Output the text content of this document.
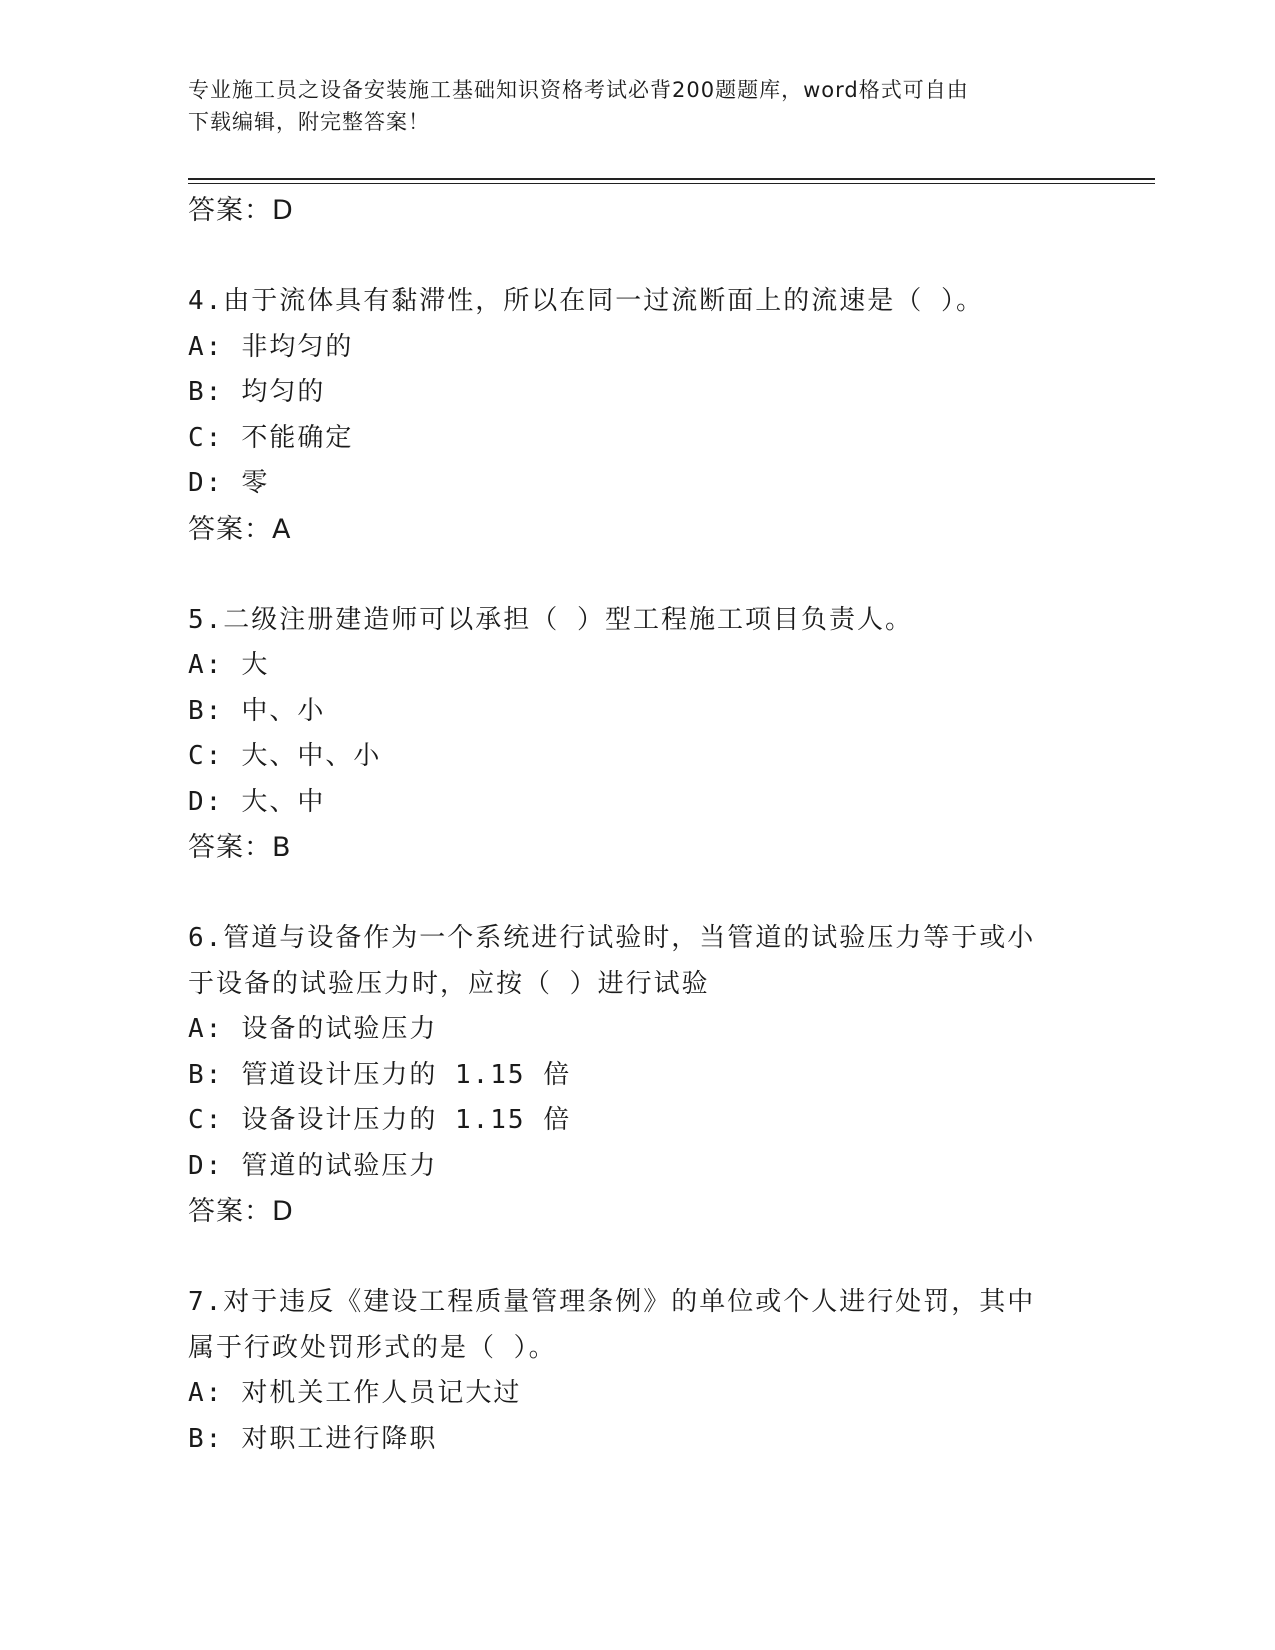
专业施工员之设备安装施工基础知识资格考试必背200题题库，word格式可自由
下载编辑，附完整答案！
答案：D
4.由于流体具有黏滞性，所以在同一过流断面上的流速是（ ）。
A: 非均匀的
B: 均匀的
C: 不能确定
D: 零
答案：A
5.二级注册建造师可以承担（ ）型工程施工项目负责人。
A: 大
B: 中、小
C: 大、中、小
D: 大、中
答案：B
6.管道与设备作为一个系统进行试验时，当管道的试验压力等于或小
于设备的试验压力时，应按（ ）进行试验
A: 设备的试验压力
B: 管道设计压力的 1.15 倍
C: 设备设计压力的 1.15 倍
D: 管道的试验压力
答案：D
7.对于违反《建设工程质量管理条例》的单位或个人进行处罚，其中
属于行政处罚形式的是（ ）。
A: 对机关工作人员记大过
B: 对职工进行降职
